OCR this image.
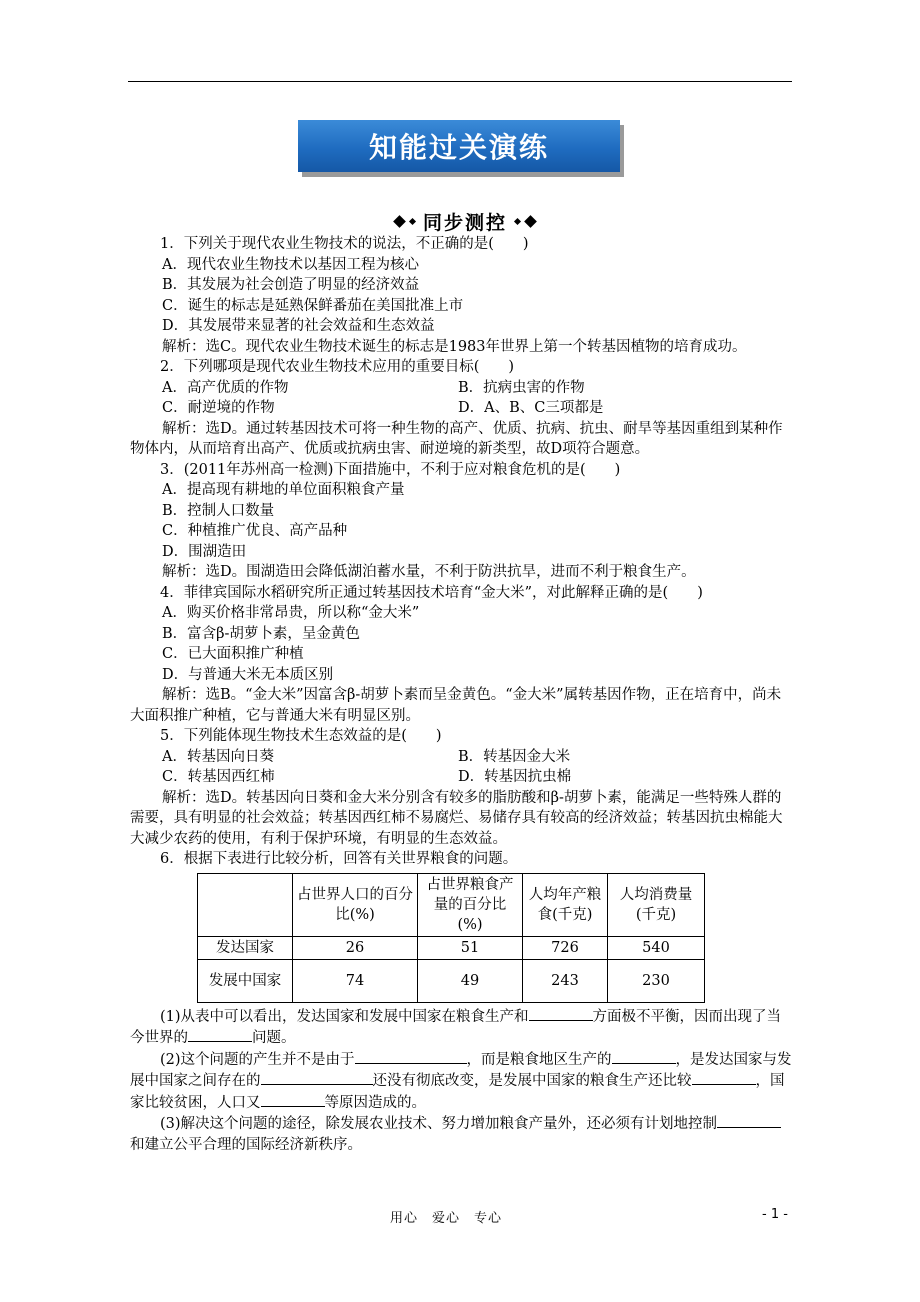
知能过关演练
同步测控

1．下列关于现代农业生物技术的说法，不正确的是(　　)

A．现代农业生物技术以基因工程为核心

B．其发展为社会创造了明显的经济效益

C．诞生的标志是延熟保鲜番茄在美国批准上市

D．其发展带来显著的社会效益和生态效益

解析：选C。现代农业生物技术诞生的标志是1983年世界上第一个转基因植物的培育成功。

2．下列哪项是现代农业生物技术应用的重要目标(　　)

A．高产优质的作物	B．抗病虫害的作物
C．耐逆境的作物	D．A、B、C三项都是

解析：选D。通过转基因技术可将一种生物的高产、优质、抗病、抗虫、耐旱等基因重组到某种作物体内，从而培育出高产、优质或抗病虫害、耐逆境的新类型，故D项符合题意。

3．(2011年苏州高一检测)下面措施中，不利于应对粮食危机的是(　　)

A．提高现有耕地的单位面积粮食产量

B．控制人口数量

C．种植推广优良、高产品种

D．围湖造田

解析：选D。围湖造田会降低湖泊蓄水量，不利于防洪抗旱，进而不利于粮食生产。

4．菲律宾国际水稻研究所正通过转基因技术培育“金大米”，对此解释正确的是(　　)

A．购买价格非常昂贵，所以称“金大米”

B．富含β-胡萝卜素，呈金黄色

C．已大面积推广种植

D．与普通大米无本质区别

解析：选B。“金大米”因富含β-胡萝卜素而呈金黄色。“金大米”属转基因作物，正在培育中，尚未大面积推广种植，它与普通大米有明显区别。

5．下列能体现生物技术生态效益的是(　　)

A．转基因向日葵	B．转基因金大米
C．转基因西红柿	D．转基因抗虫棉

解析：选D。转基因向日葵和金大米分别含有较多的脂肪酸和β-胡萝卜素，能满足一些特殊人群的需要，具有明显的社会效益；转基因西红柿不易腐烂、易储存具有较高的经济效益；转基因抗虫棉能大大减少农药的使用，有利于保护环境，有明显的生态效益。

6．根据下表进行比较分析，回答有关世界粮食的问题。

	占世界人口的百分比(%)	占世界粮食产量的百分比(%)	人均年产粮食(千克)	人均消费量(千克)
发达国家	26	51	726	540
发展中国家	74	49	243	230

(1)从表中可以看出，发达国家和发展中国家在粮食生产和	方面极不平衡，因而出现了当今世界的	问题。

(2)这个问题的产生并不是由于	，而是粮食地区生产的	，是发达国家与发展中国家之间存在的	还没有彻底改变，是发展中国家的粮食生产还比较	，国家比较贫困，人口又	等原因造成的。

(3)解决这个问题的途径，除发展农业技术、努力增加粮食产量外，还必须有计划地控制和建立公平合理的国际经济新秩序。

用心　爱心　专心	- 1 -
